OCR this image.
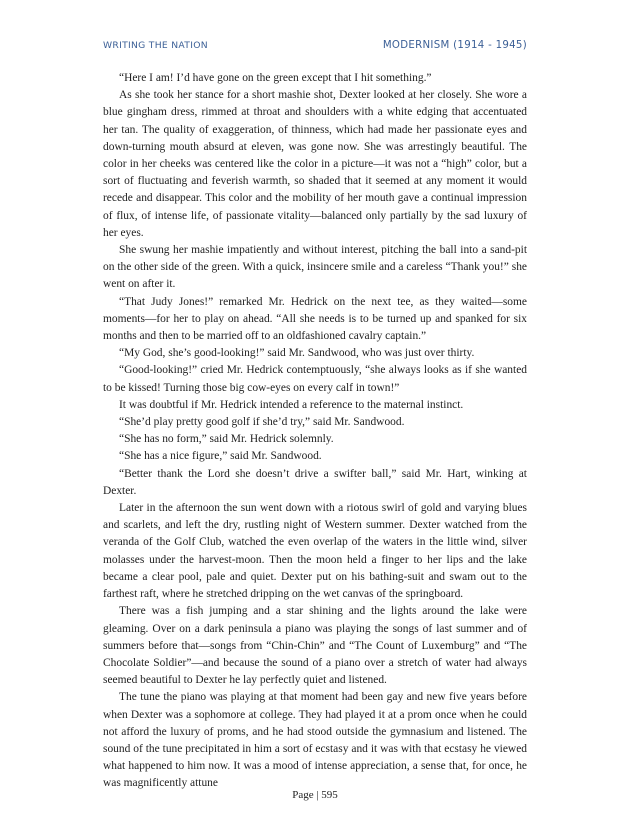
WRITING THE NATION	MODERNISM (1914 - 1945)

“Here I am! I’d have gone on the green except that I hit something.”

As she took her stance for a short mashie shot, Dexter looked at her closely. She wore a blue gingham dress, rimmed at throat and shoulders with a white edging that accentuated her tan. The quality of exaggeration, of thinness, which had made her passionate eyes and down-turning mouth absurd at eleven, was gone now. She was arrestingly beautiful. The color in her cheeks was centered like the color in a picture—it was not a “high” color, but a sort of fluctuating and feverish warmth, so shaded that it seemed at any moment it would recede and disappear. This color and the mobility of her mouth gave a continual impression of flux, of intense life, of passionate vitality—balanced only partially by the sad luxury of her eyes.

She swung her mashie impatiently and without interest, pitching the ball into a sand-pit on the other side of the green. With a quick, insincere smile and a careless “Thank you!” she went on after it.

“That Judy Jones!” remarked Mr. Hedrick on the next tee, as they waited—some moments—for her to play on ahead. “All she needs is to be turned up and spanked for six months and then to be married off to an oldfashioned cavalry captain.”

“My God, she’s good-looking!” said Mr. Sandwood, who was just over thirty.

“Good-looking!” cried Mr. Hedrick contemptuously, “she always looks as if she wanted to be kissed! Turning those big cow-eyes on every calf in town!”

It was doubtful if Mr. Hedrick intended a reference to the maternal instinct.

“She’d play pretty good golf if she’d try,” said Mr. Sandwood.

“She has no form,” said Mr. Hedrick solemnly.

“She has a nice figure,” said Mr. Sandwood.

“Better thank the Lord she doesn’t drive a swifter ball,” said Mr. Hart, winking at Dexter.

Later in the afternoon the sun went down with a riotous swirl of gold and varying blues and scarlets, and left the dry, rustling night of Western summer. Dexter watched from the veranda of the Golf Club, watched the even overlap of the waters in the little wind, silver molasses under the harvest-moon. Then the moon held a finger to her lips and the lake became a clear pool, pale and quiet. Dexter put on his bathing-suit and swam out to the farthest raft, where he stretched dripping on the wet canvas of the springboard.

There was a fish jumping and a star shining and the lights around the lake were gleaming. Over on a dark peninsula a piano was playing the songs of last summer and of summers before that—songs from “Chin-Chin” and “The Count of Luxemburg” and “The Chocolate Soldier”—and because the sound of a piano over a stretch of water had always seemed beautiful to Dexter he lay perfectly quiet and listened.

The tune the piano was playing at that moment had been gay and new five years before when Dexter was a sophomore at college. They had played it at a prom once when he could not afford the luxury of proms, and he had stood outside the gymnasium and listened. The sound of the tune precipitated in him a sort of ecstasy and it was with that ecstasy he viewed what happened to him now. It was a mood of intense appreciation, a sense that, for once, he was magnificently attune

Page | 595
